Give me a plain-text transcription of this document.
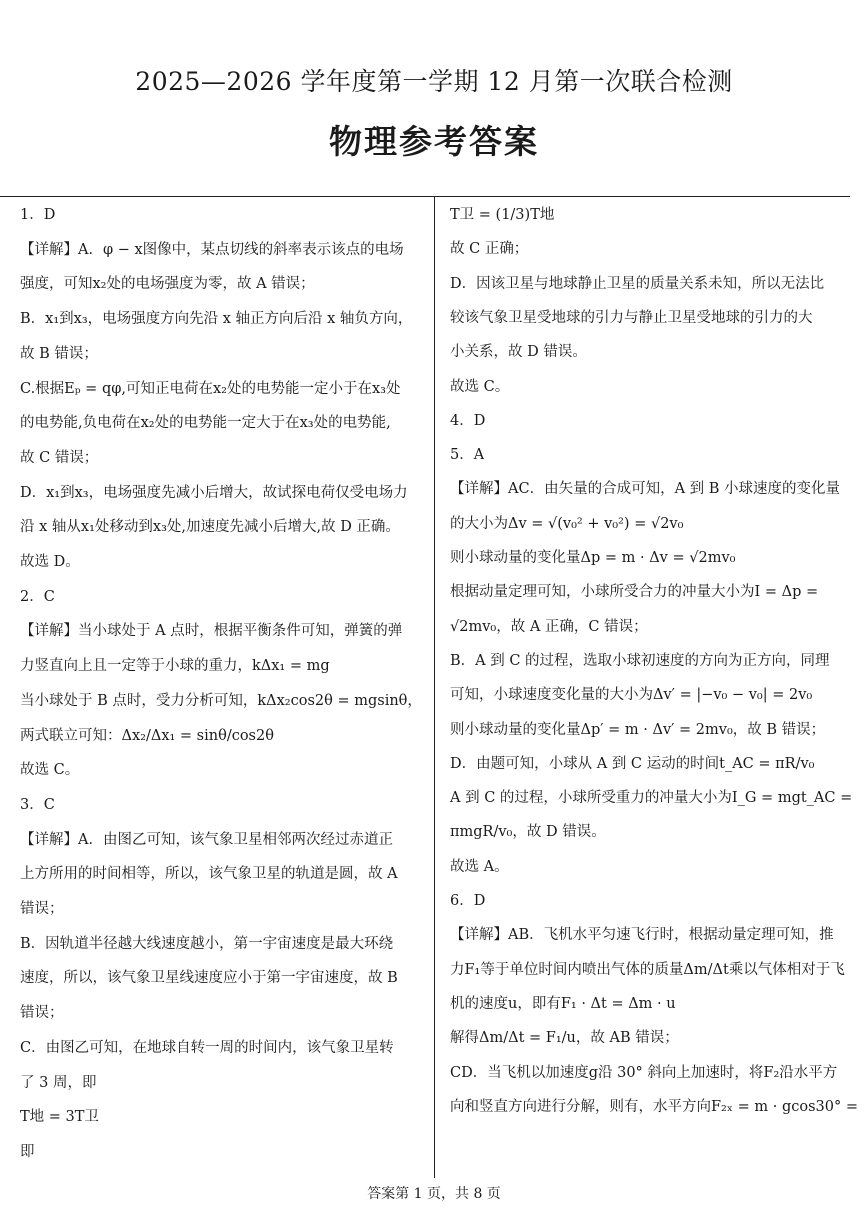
2025—2026 学年度第一学期 12 月第一次联合检测
物理参考答案
1．D
【详解】A．φ − x图像中，某点切线的斜率表示该点的电场
强度，可知x₂处的电场强度为零，故 A 错误；
B．x₁到x₃，电场强度方向先沿 x 轴正方向后沿 x 轴负方向，
故 B 错误；
C.根据Eₚ = qφ,可知正电荷在x₂处的电势能一定小于在x₃处
的电势能,负电荷在x₂处的电势能一定大于在x₃处的电势能,
故 C 错误；
D．x₁到x₃，电场强度先减小后增大，故试探电荷仅受电场力
沿 x 轴从x₁处移动到x₃处,加速度先减小后增大,故 D 正确。
故选 D。
2．C
【详解】当小球处于 A 点时，根据平衡条件可知，弹簧的弹
力竖直向上且一定等于小球的重力，kΔx₁ = mg
当小球处于 B 点时，受力分析可知，kΔx₂cos2θ = mgsinθ，
两式联立可知：Δx₂/Δx₁ = sinθ/cos2θ
故选 C。
3．C
【详解】A．由图乙可知，该气象卫星相邻两次经过赤道正
上方所用的时间相等，所以，该气象卫星的轨道是圆，故 A
错误；
B．因轨道半径越大线速度越小，第一宇宙速度是最大环绕
速度，所以，该气象卫星线速度应小于第一宇宙速度，故 B
错误；
C．由图乙可知，在地球自转一周的时间内，该气象卫星转
了 3 周，即
T地 = 3T卫
即
T卫 = (1/3)T地
故 C 正确；
D．因该卫星与地球静止卫星的质量关系未知，所以无法比
较该气象卫星受地球的引力与静止卫星受地球的引力的大
小关系，故 D 错误。
故选 C。
4．D
5．A
【详解】AC．由矢量的合成可知，A 到 B 小球速度的变化量
的大小为Δv = √(v₀² + v₀²) = √2v₀
则小球动量的变化量Δp = m · Δv = √2mv₀
根据动量定理可知，小球所受合力的冲量大小为I = Δp =
√2mv₀，故 A 正确，C 错误；
B．A 到 C 的过程，选取小球初速度的方向为正方向，同理
可知，小球速度变化量的大小为Δv′ = |−v₀ − v₀| = 2v₀
则小球动量的变化量Δp′ = m · Δv′ = 2mv₀，故 B 错误；
D．由题可知，小球从 A 到 C 运动的时间t_AC = πR/v₀
A 到 C 的过程，小球所受重力的冲量大小为I_G = mgt_AC =
πmgR/v₀，故 D 错误。
故选 A。
6．D
【详解】AB．飞机水平匀速飞行时，根据动量定理可知，推
力F₁等于单位时间内喷出气体的质量Δm/Δt乘以气体相对于飞
机的速度u，即有F₁ · Δt = Δm · u
解得Δm/Δt = F₁/u，故 AB 错误；
CD．当飞机以加速度g沿 30° 斜向上加速时，将F₂沿水平方
向和竖直方向进行分解，则有，水平方向F₂ₓ = m · gcos30° =
答案第 1 页，共 8 页
